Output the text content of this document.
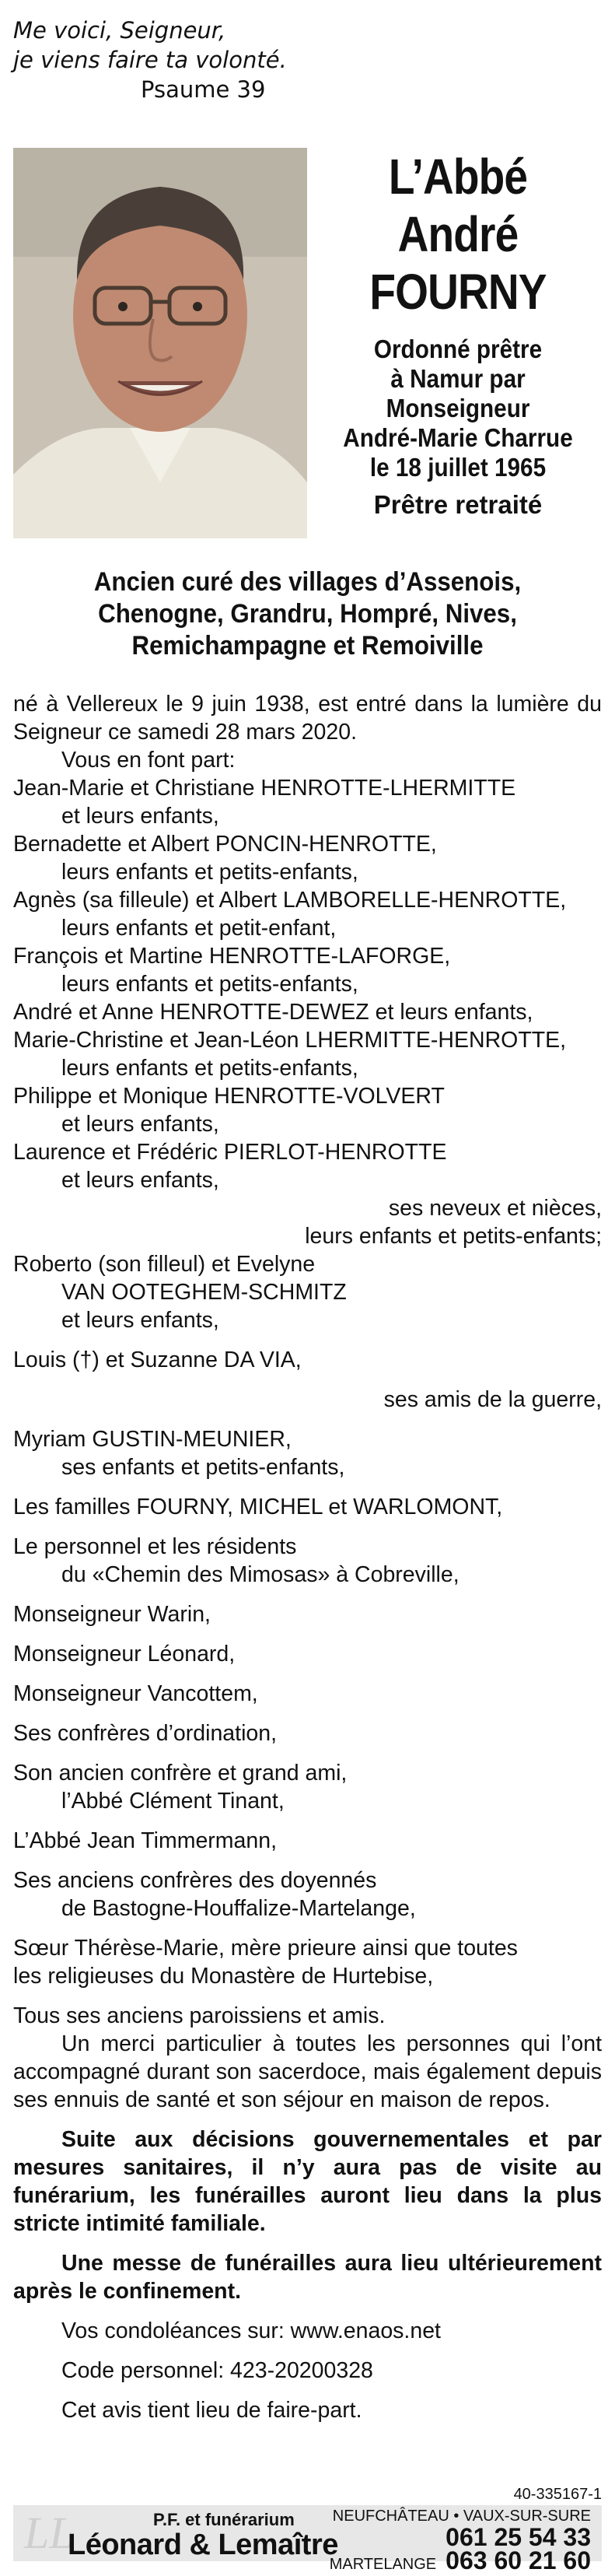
Me voici, Seigneur,
je viens faire ta volonté.
Psaume 39
L’Abbé
André
FOURNY
Ordonné prêtre
à Namur par
Monseigneur
André-Marie Charrue
le 18 juillet 1965
Prêtre retraité
Ancien curé des villages d’Assenois,
Chenogne, Grandru, Hompré, Nives,
Remichampagne et Remoiville
né à Vellereux le 9 juin 1938, est entré dans la lumière du Seigneur ce samedi 28 mars 2020.
Vous en font part:
Jean-Marie et Christiane HENROTTE-LHERMITTE
et leurs enfants,
Bernadette et Albert PONCIN-HENROTTE,
leurs enfants et petits-enfants,
Agnès (sa filleule) et Albert LAMBORELLE-HENROTTE,
leurs enfants et petit-enfant,
François et Martine HENROTTE-LAFORGE,
leurs enfants et petits-enfants,
André et Anne HENROTTE-DEWEZ et leurs enfants,
Marie-Christine et Jean-Léon LHERMITTE-HENROTTE,
leurs enfants et petits-enfants,
Philippe et Monique HENROTTE-VOLVERT
et leurs enfants,
Laurence et Frédéric PIERLOT-HENROTTE
et leurs enfants,
ses neveux et nièces,
leurs enfants et petits-enfants;
Roberto (son filleul) et Evelyne
VAN OOTEGHEM-SCHMITZ
et leurs enfants,
Louis (†) et Suzanne DA VIA,
ses amis de la guerre,
Myriam GUSTIN-MEUNIER,
ses enfants et petits-enfants,
Les familles FOURNY, MICHEL et WARLOMONT,
Le personnel et les résidents
du «Chemin des Mimosas» à Cobreville,
Monseigneur Warin,
Monseigneur Léonard,
Monseigneur Vancottem,
Ses confrères d’ordination,
Son ancien confrère et grand ami,
l’Abbé Clément Tinant,
L’Abbé Jean Timmermann,
Ses anciens confrères des doyennés
de Bastogne-Houffalize-Martelange,
Sœur Thérèse-Marie, mère prieure ainsi que toutes
les religieuses du Monastère de Hurtebise,
Tous ses anciens paroissiens et amis.
Un merci particulier à toutes les personnes qui l’ont accompagné durant son sacerdoce, mais également depuis ses ennuis de santé et son séjour en maison de repos.
Suite aux décisions gouvernementales et par mesures sanitaires, il n’y aura pas de visite au funérarium, les funérailles auront lieu dans la plus stricte intimité familiale.
Une messe de funérailles aura lieu ultérieurement après le confinement.
Vos condoléances sur: www.enaos.net
Code personnel: 423-20200328
Cet avis tient lieu de faire-part.
40-335167-1
LL	P.F. et funérarium
Léonard & Lemaître
NEUFCHÂTEAU • VAUX-SUR-SURE
061 25 54 33
MARTELANGE 063 60 21 60
